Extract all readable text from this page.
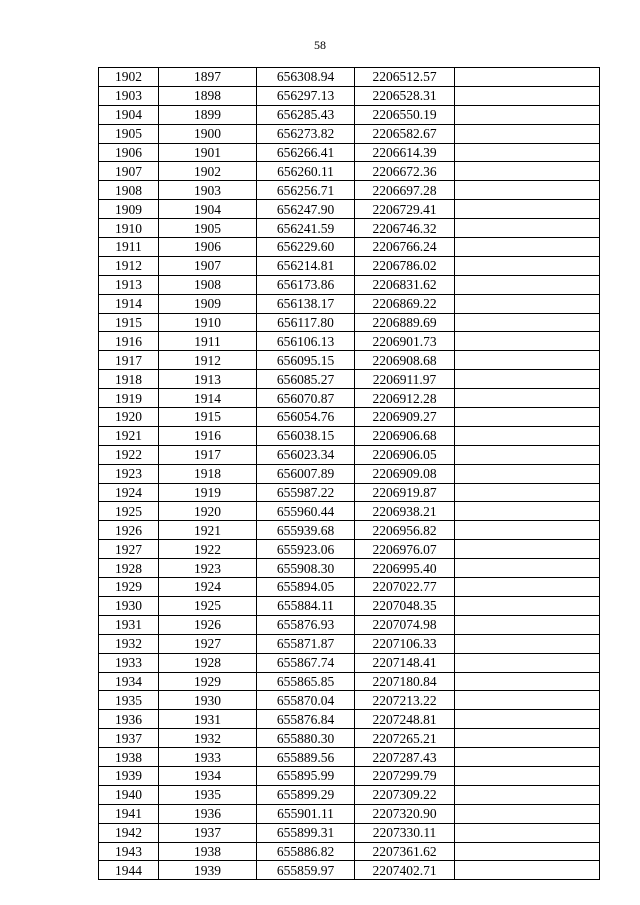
58
1902	1897	656308.94	2206512.57	
1903	1898	656297.13	2206528.31	
1904	1899	656285.43	2206550.19	
1905	1900	656273.82	2206582.67	
1906	1901	656266.41	2206614.39	
1907	1902	656260.11	2206672.36	
1908	1903	656256.71	2206697.28	
1909	1904	656247.90	2206729.41	
1910	1905	656241.59	2206746.32	
1911	1906	656229.60	2206766.24	
1912	1907	656214.81	2206786.02	
1913	1908	656173.86	2206831.62	
1914	1909	656138.17	2206869.22	
1915	1910	656117.80	2206889.69	
1916	1911	656106.13	2206901.73	
1917	1912	656095.15	2206908.68	
1918	1913	656085.27	2206911.97	
1919	1914	656070.87	2206912.28	
1920	1915	656054.76	2206909.27	
1921	1916	656038.15	2206906.68	
1922	1917	656023.34	2206906.05	
1923	1918	656007.89	2206909.08	
1924	1919	655987.22	2206919.87	
1925	1920	655960.44	2206938.21	
1926	1921	655939.68	2206956.82	
1927	1922	655923.06	2206976.07	
1928	1923	655908.30	2206995.40	
1929	1924	655894.05	2207022.77	
1930	1925	655884.11	2207048.35	
1931	1926	655876.93	2207074.98	
1932	1927	655871.87	2207106.33	
1933	1928	655867.74	2207148.41	
1934	1929	655865.85	2207180.84	
1935	1930	655870.04	2207213.22	
1936	1931	655876.84	2207248.81	
1937	1932	655880.30	2207265.21	
1938	1933	655889.56	2207287.43	
1939	1934	655895.99	2207299.79	
1940	1935	655899.29	2207309.22	
1941	1936	655901.11	2207320.90	
1942	1937	655899.31	2207330.11	
1943	1938	655886.82	2207361.62	
1944	1939	655859.97	2207402.71	
